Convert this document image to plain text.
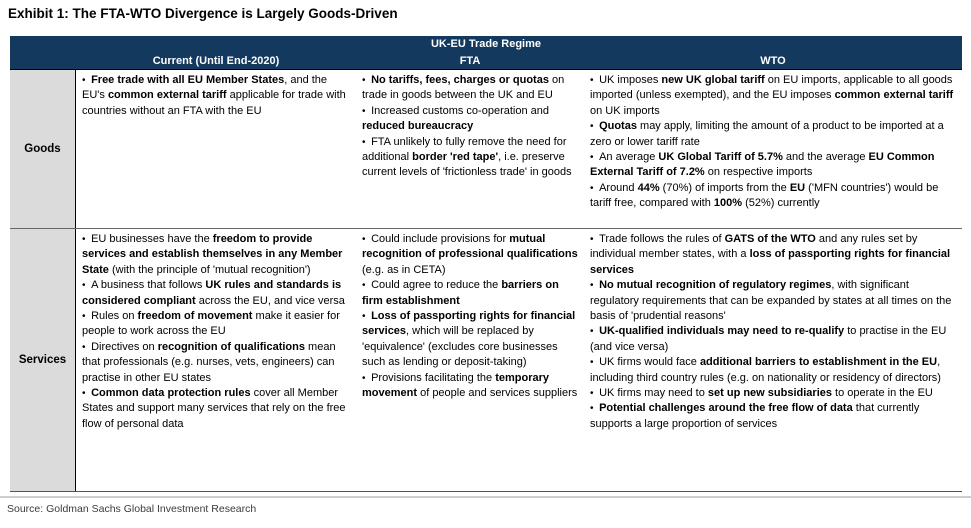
Exhibit 1: The FTA-WTO Divergence is Largely Goods-Driven
UK-EU Trade Regime
Current (Until End-2020)	FTA	WTO
Goods
•  Free trade with all EU Member States, and the EU's common external tariff applicable for trade with countries without an FTA with the EU
•  No tariffs, fees, charges or quotas on trade in goods between the UK and EU
•  Increased customs co-operation and reduced bureaucracy
•  FTA unlikely to fully remove the need for additional border 'red tape', i.e. preserve current levels of 'frictionless trade' in goods
•  UK imposes new UK global tariff on EU imports, applicable to all goods imported (unless exempted), and the EU imposes common external tariff on UK imports
•  Quotas may apply, limiting the amount of a product to be imported at a zero or lower tariff rate
•  An average UK Global Tariff of 5.7% and the average EU Common External Tariff of 7.2% on respective imports
•  Around 44% (70%) of imports from the EU ('MFN countries') would be tariff free, compared with 100% (52%) currently
Services
•  EU businesses have the freedom to provide services and establish themselves in any Member State (with the principle of 'mutual recognition')
•  A business that follows UK rules and standards is considered compliant across the EU, and vice versa
•  Rules on freedom of movement make it easier for people to work across the EU
•  Directives on recognition of qualifications mean that professionals (e.g. nurses, vets, engineers) can practise in other EU states
•  Common data protection rules cover all Member States and support many services that rely on the free flow of personal data
•  Could include provisions for mutual recognition of professional qualifications (e.g. as in CETA)
•  Could agree to reduce the barriers on firm establishment
•  Loss of passporting rights for financial services, which will be replaced by 'equivalence' (excludes core businesses such as lending or deposit-taking)
•  Provisions facilitating the temporary movement of people and services suppliers
•  Trade follows the rules of GATS of the WTO and any rules set by individual member states, with a loss of passporting rights for financial services
•  No mutual recognition of regulatory regimes, with significant regulatory requirements that can be expanded by states at all times on the basis of 'prudential reasons'
•  UK-qualified individuals may need to re-qualify to practise in the EU (and vice versa)
•  UK firms would face additional barriers to establishment in the EU, including third country rules (e.g. on nationality or residency of directors)
•  UK firms may need to set up new subsidiaries to operate in the EU
•  Potential challenges around the free flow of data that currently supports a large proportion of services
Source: Goldman Sachs Global Investment Research
